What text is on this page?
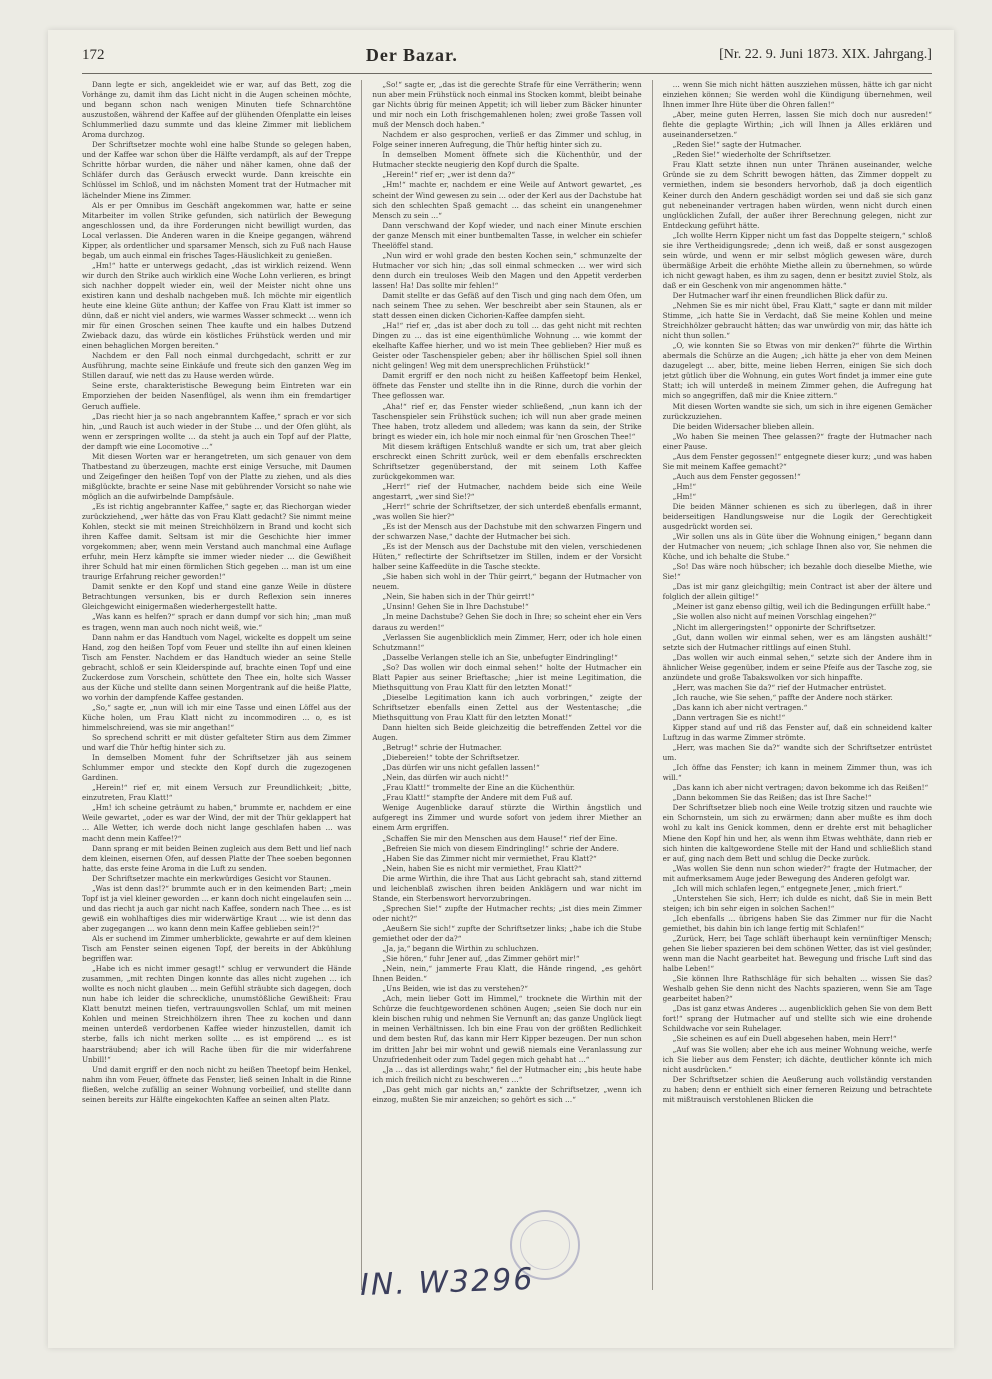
172	Der Bazar.	[Nr. 22. 9. Juni 1873. XIX. Jahrgang.]

Dann legte er sich, angekleidet wie er war, auf das Bett, zog die Vorhänge zu, damit ihm das Licht nicht in die Augen scheinen möchte, und begann schon nach wenigen Minuten tiefe Schnarchtöne auszustoßen, während der Kaffee auf der glühenden Ofenplatte ein leises Schlummerlied dazu summte und das kleine Zimmer mit lieblichem Aroma durchzog.

Der Schriftsetzer mochte wohl eine halbe Stunde so gelegen haben, und der Kaffee war schon über die Hälfte verdampft, als auf der Treppe Schritte hörbar wurden, die näher und näher kamen, ohne daß der Schläfer durch das Geräusch erweckt wurde. Dann kreischte ein Schlüssel im Schloß, und im nächsten Moment trat der Hutmacher mit lächelnder Miene ins Zimmer.

Als er per Omnibus im Geschäft angekommen war, hatte er seine Mitarbeiter im vollen Strike gefunden, sich natürlich der Bewegung angeschlossen und, da ihre Forderungen nicht bewilligt wurden, das Local verlassen. Die Anderen waren in die Kneipe gegangen, während Kipper, als ordentlicher und sparsamer Mensch, sich zu Fuß nach Hause begab, um auch einmal ein frisches Tages-Häuslichkeit zu genießen.

„Hm!“ hatte er unterwegs gedacht, „das ist wirklich reizend. Wenn wir durch den Strike auch wirklich eine Woche Lohn verlieren, es bringt sich nachher doppelt wieder ein, weil der Meister nicht ohne uns existiren kann und deshalb nachgeben muß. Ich möchte mir eigentlich heute eine kleine Güte anthun; der Kaffee von Frau Klatt ist immer so dünn, daß er nicht viel anders, wie warmes Wasser schmeckt … wenn ich mir für einen Groschen seinen Thee kaufte und ein halbes Dutzend Zwieback dazu, das würde ein köstliches Frühstück werden und mir einen behaglichen Morgen bereiten.“

Nachdem er den Fall noch einmal durchgedacht, schritt er zur Ausführung, machte seine Einkäufe und freute sich den ganzen Weg im Stillen darauf, wie nett das zu Hause werden würde.

Seine erste, charakteristische Bewegung beim Eintreten war ein Emporziehen der beiden Nasenflügel, als wenn ihm ein fremdartiger Geruch auffiele.

„Das riecht hier ja so nach angebranntem Kaffee,“ sprach er vor sich hin, „und Rauch ist auch wieder in der Stube … und der Ofen glüht, als wenn er zerspringen wollte … da steht ja auch ein Topf auf der Platte, der dampft wie eine Locomotive …“

Mit diesen Worten war er herangetreten, um sich genauer von dem Thatbestand zu überzeugen, machte erst einige Versuche, mit Daumen und Zeigefinger den heißen Topf von der Platte zu ziehen, und als dies mißglückte, brachte er seine Nase mit gebührender Vorsicht so nahe wie möglich an die aufwirbelnde Dampfsäule.

„Es ist richtig angebrannter Kaffee,“ sagte er, das Riechorgan wieder zurückziehend, „wer hätte das von Frau Klatt gedacht? Sie nimmt meine Kohlen, steckt sie mit meinen Streichhölzern in Brand und kocht sich ihren Kaffee damit. Seltsam ist mir die Geschichte hier immer vorgekommen; aber, wenn mein Verstand auch manchmal eine Auflage erfuhr, mein Herz kämpfte sie immer wieder nieder … die Gewißheit ihrer Schuld hat mir einen förmlichen Stich gegeben … man ist um eine traurige Erfahrung reicher geworden!“

Damit senkte er den Kopf und stand eine ganze Weile in düstere Betrachtungen versunken, bis er durch Reflexion sein inneres Gleichgewicht einigermaßen wiederhergestellt hatte.

„Was kann es helfen?“ sprach er dann dumpf vor sich hin; „man muß es tragen, wenn man auch noch nicht weiß, wie.“

Dann nahm er das Handtuch vom Nagel, wickelte es doppelt um seine Hand, zog den heißen Topf vom Feuer und stellte ihn auf einen kleinen Tisch am Fenster. Nachdem er das Handtuch wieder an seine Stelle gebracht, schloß er sein Kleiderspinde auf, brachte einen Topf und eine Zuckerdose zum Vorschein, schüttete den Thee ein, holte sich Wasser aus der Küche und stellte dann seinen Morgentrank auf die heiße Platte, wo vorhin der dampfende Kaffee gestanden.

„So,“ sagte er, „nun will ich mir eine Tasse und einen Löffel aus der Küche holen, um Frau Klatt nicht zu incommodiren … o, es ist himmelschreiend, was sie mir angethan!“

So sprechend schritt er mit düster gefalteter Stirn aus dem Zimmer und warf die Thür heftig hinter sich zu.

In demselben Moment fuhr der Schriftsetzer jäh aus seinem Schlummer empor und steckte den Kopf durch die zugezogenen Gardinen.

„Herein!“ rief er, mit einem Versuch zur Freundlichkeit; „bitte, einzutreten, Frau Klatt!“

„Hm! ich scheine geträumt zu haben,“ brummte er, nachdem er eine Weile gewartet, „oder es war der Wind, der mit der Thür geklappert hat … Alle Wetter, ich werde doch nicht lange geschlafen haben … was macht denn mein Kaffee!?“

Dann sprang er mit beiden Beinen zugleich aus dem Bett und lief nach dem kleinen, eisernen Ofen, auf dessen Platte der Thee soeben begonnen hatte, das erste feine Aroma in die Luft zu senden.

Der Schriftsetzer machte ein merkwürdiges Gesicht vor Staunen.

„Was ist denn das!?“ brummte auch er in den keimenden Bart; „mein Topf ist ja viel kleiner geworden … er kann doch nicht eingelaufen sein … und das riecht ja auch gar nicht nach Kaffee, sondern nach Thee … es ist gewiß ein wohlhaftiges dies mir widerwärtige Kraut … wie ist denn das aber zugegangen … wo kann denn mein Kaffee geblieben sein!?“

Als er suchend im Zimmer umherblickte, gewahrte er auf dem kleinen Tisch am Fenster seinen eigenen Topf, der bereits in der Abkühlung begriffen war.

„Habe ich es nicht immer gesagt!“ schlug er verwundert die Hände zusammen, „mit rechten Dingen konnte das alles nicht zugehen … ich wollte es noch nicht glauben … mein Gefühl sträubte sich dagegen, doch nun habe ich leider die schreckliche, unumstößliche Gewißheit: Frau Klatt benutzt meinen tiefen, vertrauungsvollen Schlaf, um mit meinen Kohlen und meinen Streichhölzern ihren Thee zu kochen und dann meinen unterdeß verdorbenen Kaffee wieder hinzustellen, damit ich sterbe, falls ich nicht merken sollte … es ist empörend … es ist haarsträubend; aber ich will Rache üben für die mir widerfahrene Unbill!“

Und damit ergriff er den noch nicht zu heißen Theetopf beim Henkel, nahm ihn vom Feuer, öffnete das Fenster, ließ seinen Inhalt in die Rinne fließen, welche zufällig an seiner Wohnung vorbeilief, und stellte dann seinen bereits zur Hälfte eingekochten Kaffee an seinen alten Platz.

„So!“ sagte er, „das ist die gerechte Strafe für eine Verrätherin; wenn nun aber mein Frühstück noch einmal ins Stocken kommt, bleibt beinahe gar Nichts übrig für meinen Appetit; ich will lieber zum Bäcker hinunter und mir noch ein Loth frischgemahlenen holen; zwei große Tassen voll muß der Mensch doch haben.“

Nachdem er also gesprochen, verließ er das Zimmer und schlug, in Folge seiner inneren Aufregung, die Thür heftig hinter sich zu.

In demselben Moment öffnete sich die Küchenthür, und der Hutmacher steckte neugierig den Kopf durch die Spalte.

„Herein!“ rief er; „wer ist denn da?“

„Hm!“ machte er, nachdem er eine Weile auf Antwort gewartet, „es scheint der Wind gewesen zu sein … oder der Kerl aus der Dachstube hat sich den schlechten Spaß gemacht … das scheint ein unangenehmer Mensch zu sein …“

Dann verschwand der Kopf wieder, und nach einer Minute erschien der ganze Mensch mit einer buntbemalten Tasse, in welcher ein schiefer Theelöffel stand.

„Nun wird er wohl grade den besten Kochen sein,“ schmunzelte der Hutmacher vor sich hin; „das soll einmal schmecken … wer wird sich denn durch ein treuloses Weib den Magen und den Appetit verderben lassen! Ha! Das sollte mir fehlen!“

Damit stellte er das Gefäß auf den Tisch und ging nach dem Ofen, um nach seinem Thee zu sehen. Wer beschreibt aber sein Staunen, als er statt dessen einen dicken Cichorien-Kaffee dampfen sieht.

„Ha!“ rief er, „das ist aber doch zu toll … das geht nicht mit rechten Dingen zu … das ist eine eigenthümliche Wohnung … wie kommt der ekelhafte Kaffee hierher, und wo ist mein Thee geblieben? Hier muß es Geister oder Taschenspieler geben; aber ihr höllischen Spiel soll ihnen nicht gelingen! Weg mit dem unersprechlichen Frühstück!“

Damit ergriff er den noch nicht zu heißen Kaffeetopf beim Henkel, öffnete das Fenster und stellte ihn in die Rinne, durch die vorhin der Thee geflossen war.

„Aha!“ rief er, das Fenster wieder schließend, „nun kann ich der Taschenspieler sein Frühstück suchen; ich will nun aber grade meinen Thee haben, trotz alledem und alledem; was kann da sein, der Strike bringt es wieder ein, ich hole mir noch einmal für 'nen Groschen Thee!“

Mit diesem kräftigen Entschluß wandte er sich um, trat aber gleich erschreckt einen Schritt zurück, weil er dem ebenfalls erschreckten Schriftsetzer gegenüberstand, der mit seinem Loth Kaffee zurückgekommen war.

„Herr!“ rief der Hutmacher, nachdem beide sich eine Weile angestarrt, „wer sind Sie!?“

„Herr!“ schrie der Schriftsetzer, der sich unterdeß ebenfalls ermannt, „was wollen Sie hier?“

„Es ist der Mensch aus der Dachstube mit den schwarzen Fingern und der schwarzen Nase,“ dachte der Hutmacher bei sich.

„Es ist der Mensch aus der Dachstube mit den vielen, verschiedenen Hüten,“ reflectirte der Schriftsetzer im Stillen, indem er der Vorsicht halber seine Kaffeedüte in die Tasche steckte.

„Sie haben sich wohl in der Thür geirrt,“ begann der Hutmacher von neuem.

„Nein, Sie haben sich in der Thür geirrt!“

„Unsinn! Gehen Sie in Ihre Dachstube!“

„In meine Dachstube? Gehen Sie doch in Ihre; so scheint eher ein Vers daraus zu werden!“

„Verlassen Sie augenblicklich mein Zimmer, Herr, oder ich hole einen Schutzmann!“

„Dasselbe Verlangen stelle ich an Sie, unbefugter Eindringling!“

„So? Das wollen wir doch einmal sehen!“ holte der Hutmacher ein Blatt Papier aus seiner Brieftasche; „hier ist meine Legitimation, die Miethsquittung von Frau Klatt für den letzten Monat!“

„Dieselbe Legitimation kann ich auch vorbringen,“ zeigte der Schriftsetzer ebenfalls einen Zettel aus der Westentasche; „die Miethsquittung von Frau Klatt für den letzten Monat!“

Dann hielten sich Beide gleichzeitig die betreffenden Zettel vor die Augen.

„Betrug!“ schrie der Hutmacher.

„Diebereien!“ tobte der Schriftsetzer.

„Das dürfen wir uns nicht gefallen lassen!“

„Nein, das dürfen wir auch nicht!“

„Frau Klatt!“ trommelte der Eine an die Küchenthür.

„Frau Klatt!“ stampfte der Andere mit dem Fuß auf.

Wenige Augenblicke darauf stürzte die Wirthin ängstlich und aufgeregt ins Zimmer und wurde sofort von jedem ihrer Miether an einem Arm ergriffen.

„Schaffen Sie mir den Menschen aus dem Hause!“ rief der Eine.

„Befreien Sie mich von diesem Eindringling!“ schrie der Andere.

„Haben Sie das Zimmer nicht mir vermiethet, Frau Klatt?“

„Nein, haben Sie es nicht mir vermiethet, Frau Klatt?“

Die arme Wirthin, die ihre That aus Licht gebracht sah, stand zitternd und leichenblaß zwischen ihren beiden Anklägern und war nicht im Stande, ein Sterbenswort hervorzubringen.

„Sprechen Sie!“ zupfte der Hutmacher rechts; „ist dies mein Zimmer oder nicht?“

„Aeußern Sie sich!“ zupfte der Schriftsetzer links; „habe ich die Stube gemiethet oder der da?“

„Ja, ja,“ begann die Wirthin zu schluchzen.

„Sie hören,“ fuhr Jener auf, „das Zimmer gehört mir!“

„Nein, nein,“ jammerte Frau Klatt, die Hände ringend, „es gehört Ihnen Beiden.“

„Uns Beiden, wie ist das zu verstehen?“

„Ach, mein lieber Gott im Himmel,“ trocknete die Wirthin mit der Schürze die feuchtgewordenen schönen Augen; „seien Sie doch nur ein klein bischen ruhig und nehmen Sie Vernunft an; das ganze Unglück liegt in meinen Verhältnissen. Ich bin eine Frau von der größten Redlichkeit und dem besten Ruf, das kann mir Herr Kipper bezeugen. Der nun schon im dritten Jahr bei mir wohnt und gewiß niemals eine Veranlassung zur Unzufriedenheit oder zum Tadel gegen mich gehabt hat …“

„Ja … das ist allerdings wahr,“ fiel der Hutmacher ein; „bis heute habe ich mich freilich nicht zu beschweren …“

„Das geht mich gar nichts an,“ zankte der Schriftsetzer, „wenn ich einzog, mußten Sie mir anzeichen; so gehört es sich …“

… wenn Sie mich nicht hätten auszziehen müssen, hätte ich gar nicht einziehen können; Sie werden wohl die Kündigung übernehmen, weil Ihnen immer Ihre Hüte über die Ohren fallen!“

„Aber, meine guten Herren, lassen Sie mich doch nur ausreden!“ flehte die geplagte Wirthin; „ich will Ihnen ja Alles erklären und auseinandersetzen.“

„Reden Sie!“ sagte der Hutmacher.

„Reden Sie!“ wiederholte der Schriftsetzer.

Frau Klatt setzte ihnen nun unter Thränen auseinander, welche Gründe sie zu dem Schritt bewogen hätten, das Zimmer doppelt zu vermiethen, indem sie besonders hervorhob, daß ja doch eigentlich Keiner durch den Andern geschädigt worden sei und daß sie sich ganz gut nebeneinander vertragen haben würden, wenn nicht durch einen unglücklichen Zufall, der außer ihrer Berechnung gelegen, nicht zur Entdeckung geführt hätte.

„Ich wollte Herrn Kipper nicht um fast das Doppelte steigern,“ schloß sie ihre Vertheidigungsrede; „denn ich weiß, daß er sonst ausgezogen sein würde, und wenn er mir selbst möglich gewesen wäre, durch übermäßige Arbeit die erhöhte Miethe allein zu übernehmen, so würde ich nicht gewagt haben, es ihm zu sagen, denn er besitzt zuviel Stolz, als daß er ein Geschenk von mir angenommen hätte.“

Der Hutmacher warf ihr einen freundlichen Blick dafür zu.

„Nehmen Sie es mir nicht übel, Frau Klatt,“ sagte er dann mit milder Stimme, „ich hatte Sie in Verdacht, daß Sie meine Kohlen und meine Streichhölzer gebraucht hätten; das war unwürdig von mir, das hätte ich nicht thun sollen.“

„O, wie konnten Sie so Etwas von mir denken?“ führte die Wirthin abermals die Schürze an die Augen; „ich hätte ja eher von dem Meinen dazugelegt … aber, bitte, meine lieben Herren, einigen Sie sich doch jetzt gütlich über die Wohnung, ein gutes Wort findet ja immer eine gute Statt; ich will unterdeß in meinem Zimmer gehen, die Aufregung hat mich so angegriffen, daß mir die Kniee zittern.“

Mit diesen Worten wandte sie sich, um sich in ihre eigenen Gemächer zurückzuziehen.

Die beiden Widersacher blieben allein.

„Wo haben Sie meinen Thee gelassen?“ fragte der Hutmacher nach einer Pause.

„Aus dem Fenster gegossen!“ entgegnete dieser kurz; „und was haben Sie mit meinem Kaffee gemacht?“

„Auch aus dem Fenster gegossen!“

„Hm!“

„Hm!“

Die beiden Männer schienen es sich zu überlegen, daß in ihrer beiderseitigen Handlungsweise nur die Logik der Gerechtigkeit ausgedrückt worden sei.

„Wir sollen uns als in Güte über die Wohnung einigen,“ begann dann der Hutmacher von neuem; „ich schlage Ihnen also vor, Sie nehmen die Küche, und ich behalte die Stube.“

„So! Das wäre noch hübscher; ich bezahle doch dieselbe Miethe, wie Sie!“

„Das ist mir ganz gleichgiltig; mein Contract ist aber der ältere und folglich der allein giltige!“

„Meiner ist ganz ebenso giltig, weil ich die Bedingungen erfüllt habe.“

„Sie wollen also nicht auf meinen Vorschlag eingehen?“

„Nicht im allergeringsten!“ opponirte der Schriftsetzer.

„Gut, dann wollen wir einmal sehen, wer es am längsten aushält!“ setzte sich der Hutmacher rittlings auf einen Stuhl.

„Das wollen wir auch einmal sehen,“ setzte sich der Andere ihm in ähnlicher Weise gegenüber, indem er seine Pfeife aus der Tasche zog, sie anzündete und große Tabakswolken vor sich hinpaffte.

„Herr, was machen Sie da?“ rief der Hutmacher entrüstet.

„Ich rauche, wie Sie sehen,“ paffte der Andere noch stärker.

„Das kann ich aber nicht vertragen.“

„Dann vertragen Sie es nicht!“

Kipper stand auf und riß das Fenster auf, daß ein schneidend kalter Luftzug in das warme Zimmer strömte.

„Herr, was machen Sie da?“ wandte sich der Schriftsetzer entrüstet um.

„Ich öffne das Fenster; ich kann in meinem Zimmer thun, was ich will.“

„Das kann ich aber nicht vertragen; davon bekomme ich das Reißen!“

„Dann bekommen Sie das Reißen; das ist Ihre Sache!“

Der Schriftsetzer blieb noch eine Weile trotzig sitzen und rauchte wie ein Schornstein, um sich zu erwärmen; dann aber mußte es ihm doch wohl zu kalt ins Genick kommen, denn er drehte erst mit behaglicher Miene den Kopf hin und her, als wenn ihm Etwas wehthäte, dann rieb er sich hinten die kaltgewordene Stelle mit der Hand und schließlich stand er auf, ging nach dem Bett und schlug die Decke zurück.

„Was wollen Sie denn nun schon wieder?“ fragte der Hutmacher, der mit aufmerksamem Auge jeder Bewegung des Anderen gefolgt war.

„Ich will mich schlafen legen,“ entgegnete Jener, „mich friert.“

„Unterstehen Sie sich, Herr; ich dulde es nicht, daß Sie in mein Bett steigen; ich bin sehr eigen in solchen Sachen!“

„Ich ebenfalls … übrigens haben Sie das Zimmer nur für die Nacht gemiethet, bis dahin bin ich lange fertig mit Schlafen!“

„Zurück, Herr, bei Tage schläft überhaupt kein vernünftiger Mensch; gehen Sie lieber spazieren bei dem schönen Wetter, das ist viel gesünder, wenn man die Nacht gearbeitet hat. Bewegung und frische Luft sind das halbe Leben!“

„Sie können Ihre Rathschläge für sich behalten … wissen Sie das? Weshalb gehen Sie denn nicht des Nachts spazieren, wenn Sie am Tage gearbeitet haben?“

„Das ist ganz etwas Anderes … augenblicklich gehen Sie von dem Bett fort!“ sprang der Hutmacher auf und stellte sich wie eine drohende Schildwache vor sein Ruhelager.

„Sie scheinen es auf ein Duell abgesehen haben, mein Herr!“

„Auf was Sie wollen; aber ehe ich aus meiner Wohnung weiche, werfe ich Sie lieber aus dem Fenster; ich dächte, deutlicher könnte ich mich nicht ausdrücken.“

Der Schriftsetzer schien die Aeußerung auch vollständig verstanden zu haben; denn er enthielt sich einer ferneren Reizung und betrachtete mit mißtrauisch verstohlenen Blicken die

IN. W3296
